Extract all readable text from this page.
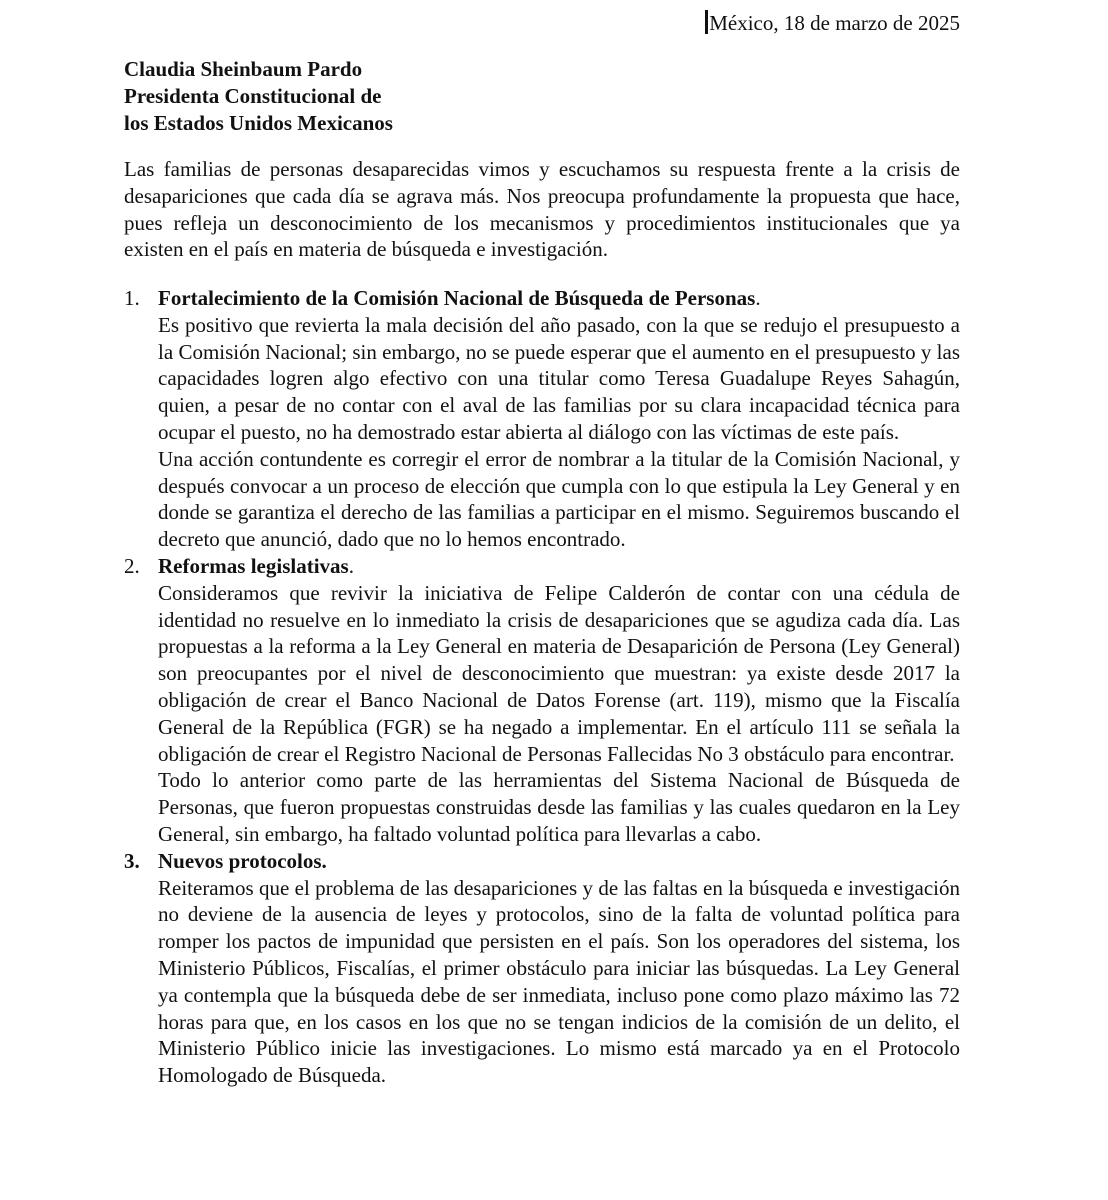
México, 18 de marzo de 2025
Claudia Sheinbaum Pardo
Presidenta Constitucional de
los Estados Unidos Mexicanos

Las familias de personas desaparecidas vimos y escuchamos su respuesta frente a la crisis de desapariciones que cada día se agrava más. Nos preocupa profundamente la propuesta que hace, pues refleja un desconocimiento de los mecanismos y procedimientos institucionales que ya existen en el país en materia de búsqueda e investigación.

1. Fortalecimiento de la Comisión Nacional de Búsqueda de Personas.

Es positivo que revierta la mala decisión del año pasado, con la que se redujo el presupuesto a la Comisión Nacional; sin embargo, no se puede esperar que el aumento en el presupuesto y las capacidades logren algo efectivo con una titular como Teresa Guadalupe Reyes Sahagún, quien, a pesar de no contar con el aval de las familias por su clara incapacidad técnica para ocupar el puesto, no ha demostrado estar abierta al diálogo con las víctimas de este país.

Una acción contundente es corregir el error de nombrar a la titular de la Comisión Nacional, y después convocar a un proceso de elección que cumpla con lo que estipula la Ley General y en donde se garantiza el derecho de las familias a participar en el mismo. Seguiremos buscando el decreto que anunció, dado que no lo hemos encontrado.

2. Reformas legislativas.

Consideramos que revivir la iniciativa de Felipe Calderón de contar con una cédula de identidad no resuelve en lo inmediato la crisis de desapariciones que se agudiza cada día. Las propuestas a la reforma a la Ley General en materia de Desaparición de Persona (Ley General) son preocupantes por el nivel de desconocimiento que muestran: ya existe desde 2017 la obligación de crear el Banco Nacional de Datos Forense (art. 119), mismo que la Fiscalía General de la República (FGR) se ha negado a implementar. En el artículo 111 se señala la obligación de crear el Registro Nacional de Personas Fallecidas No 3 obstáculo para encontrar.

Todo lo anterior como parte de las herramientas del Sistema Nacional de Búsqueda de Personas, que fueron propuestas construidas desde las familias y las cuales quedaron en la Ley General, sin embargo, ha faltado voluntad política para llevarlas a cabo.

3. Nuevos protocolos.

Reiteramos que el problema de las desapariciones y de las faltas en la búsqueda e investigación no deviene de la ausencia de leyes y protocolos, sino de la falta de voluntad política para romper los pactos de impunidad que persisten en el país. Son los operadores del sistema, los Ministerio Públicos, Fiscalías, el primer obstáculo para iniciar las búsquedas. La Ley General ya contempla que la búsqueda debe de ser inmediata, incluso pone como plazo máximo las 72 horas para que, en los casos en los que no se tengan indicios de la comisión de un delito, el Ministerio Público inicie las investigaciones. Lo mismo está marcado ya en el Protocolo Homologado de Búsqueda.
